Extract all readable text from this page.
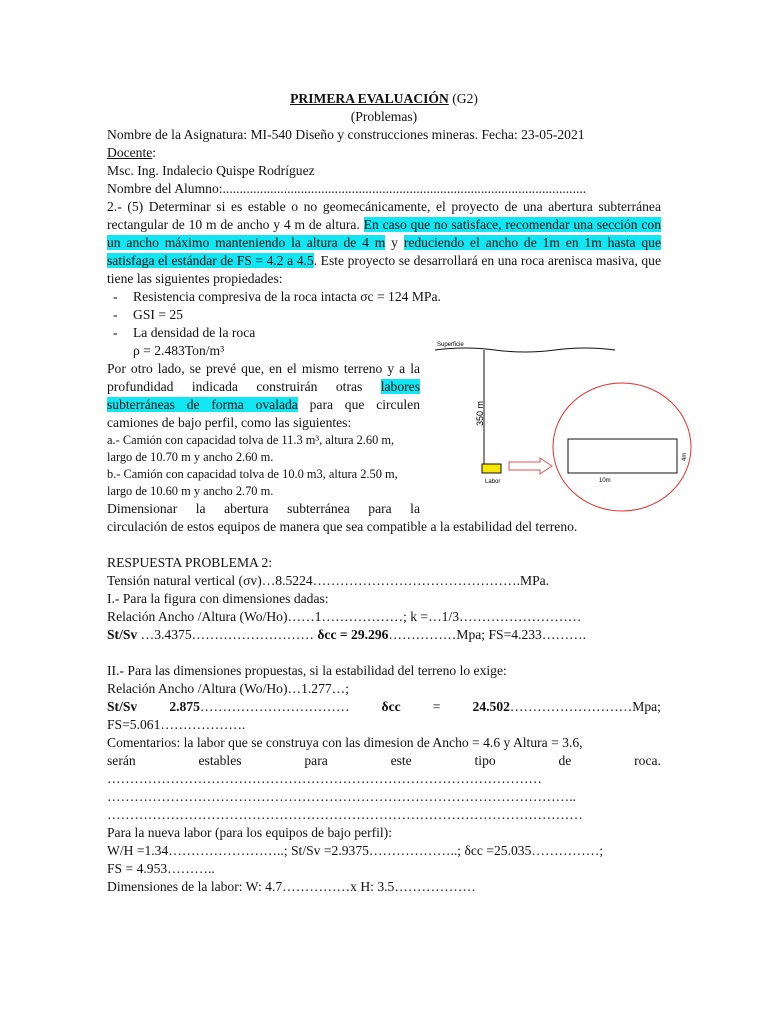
PRIMERA EVALUACIÓN (G2)

(Problemas)

Nombre de la Asignatura: MI-540 Diseño y construcciones mineras. Fecha: 23-05-2021

Docente:

Msc. Ing. Indalecio Quispe Rodríguez

Nombre del Alumno:...........................................................................................................

2.- (5) Determinar si es estable o no geomecánicamente, el proyecto de una abertura subterránea rectangular de 10 m de ancho y 4 m de altura. En caso que no satisface, recomendar una sección con un ancho máximo manteniendo la altura de 4 m y reduciendo el ancho de 1m en 1m hasta que satisfaga el estándar de FS = 4.2 a 4.5. Este proyecto se desarrollará en una roca arenisca masiva, que tiene las siguientes propiedades:

-	Resistencia compresiva de la roca intacta σc = 124 MPa.
-	GSI = 25
-	La densidad de la roca
ρ = 2.483Ton/m³

Por otro lado, se prevé que, en el mismo terreno y a la profundidad indicada construirán otras labores subterráneas de forma ovalada para que circulen camiones de bajo perfil, como las siguientes:

a.- Camión con capacidad tolva de 11.3 m³, altura 2.60 m, largo de 10.70 m y ancho 2.60 m.

b.- Camión con capacidad tolva de 10.0 m3, altura 2.50 m, largo de 10.60 m y ancho 2.70 m.

Dimensionar la abertura subterránea para la

circulación de estos equipos de manera que sea compatible a la estabilidad del terreno.

RESPUESTA PROBLEMA 2:

Tensión natural vertical (σv)…8.5224……………………………………….MPa.

I.- Para la figura con dimensiones dadas:

Relación Ancho /Altura (Wo/Ho)……1………………; k =…1/3………………………

St/Sv …3.4375……………………… δcc = 29.296……………Mpa; FS=4.233……….

II.- Para las dimensiones propuestas, si la estabilidad del terreno lo exige:

Relación Ancho /Altura (Wo/Ho)…1.277…;

St/Sv 2.875…………………………… δcc = 24.502………………………Mpa;

FS=5.061……………….

Comentarios: la labor que se construya con las dimesion de Ancho = 4.6 y Altura = 3.6,

serán	estables	para	este	tipo	de	roca.

……………………………………………………………………………………

…………………………………………………………………………………………..

……………………………………………………………………………………………

Para la nueva labor (para los equipos de bajo perfil):

W/H =1.34……………………..; St/Sv =2.9375………………..; δcc =25.035……………;

FS = 4.953………..

Dimensiones de la labor: W: 4.7……………x H: 3.5………………

Superficie
350 m
Labor	10m
4m
